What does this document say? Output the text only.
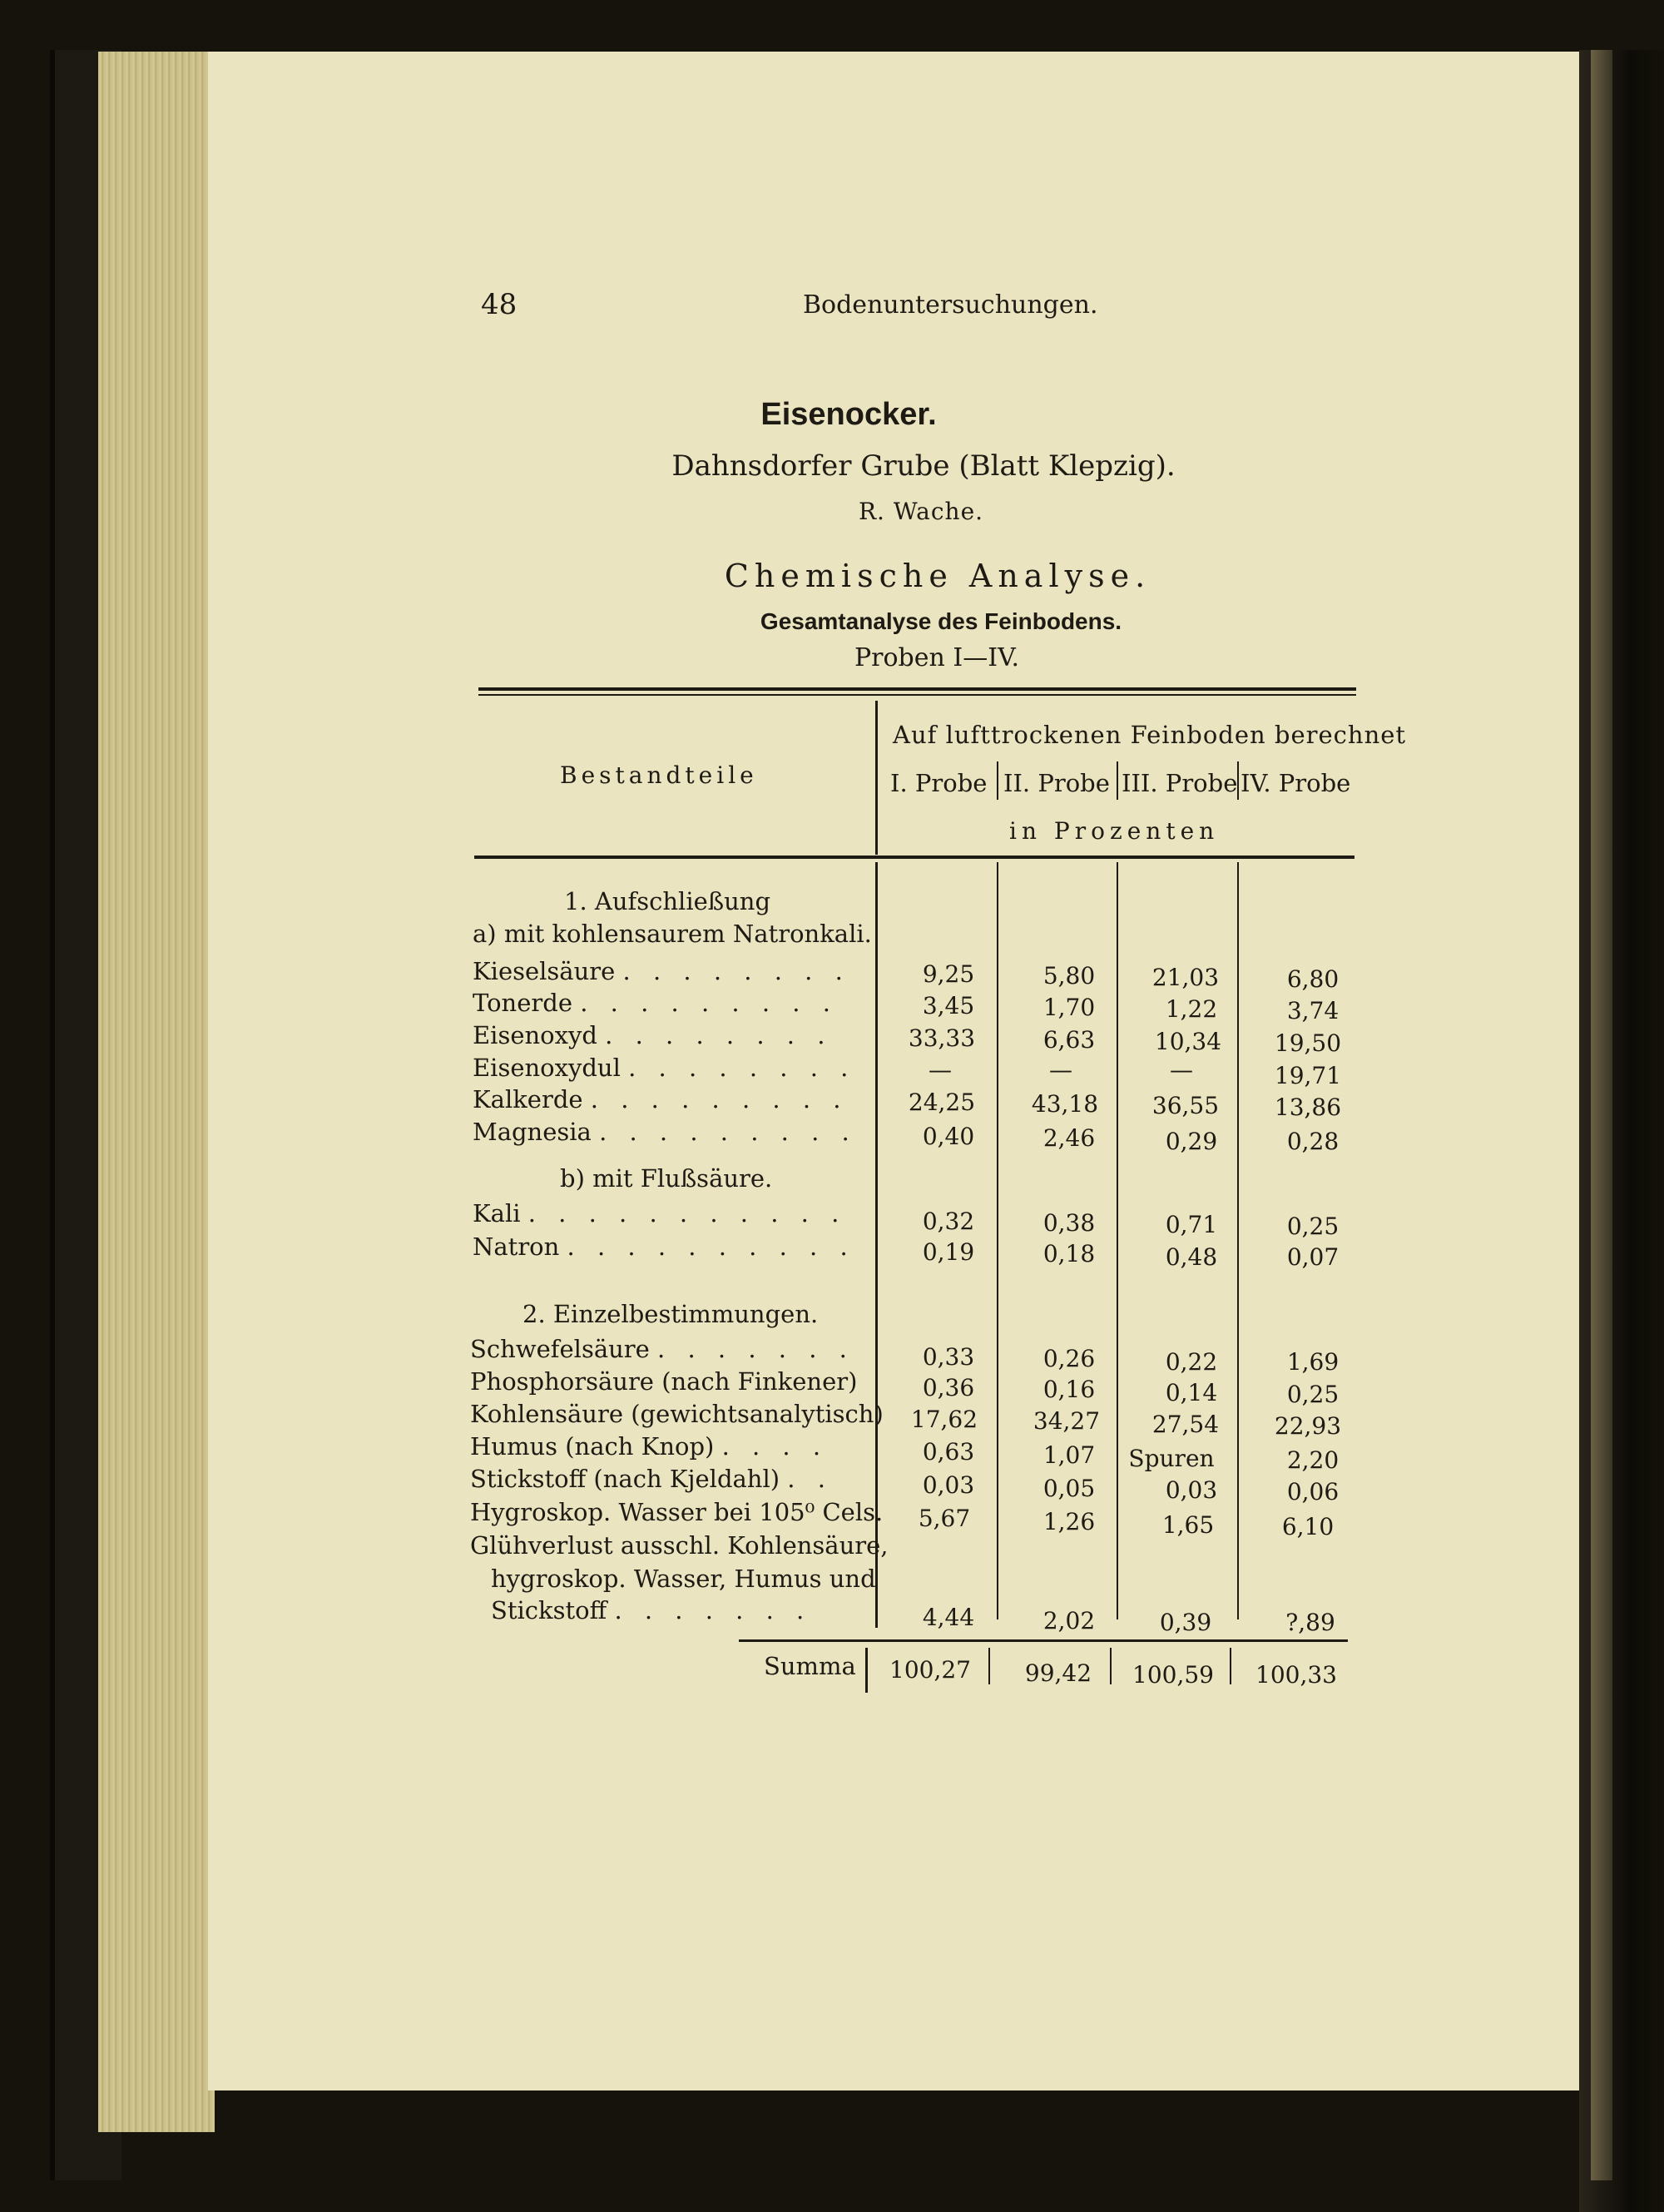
48	Bodenuntersuchungen.
Eisenocker.
Dahnsdorfer Grube (Blatt Klepzig).
R. Wache.
Chemische Analyse.
Gesamtanalyse des Feinbodens.
Proben I—IV.
Bestandteile
Auf lufttrockenen Feinboden berechnet
I. Probe II. Probe III. Probe IV. Probe
in Prozenten
1. Aufschließung
a) mit kohlensaurem Natronkali.
b) mit Flußsäure.
2. Einzelbestimmungen.
Kieselsäure . . . . . . . .	9,25	5,80	21,03	6,80
Tonerde . . . . . . . . .	3,45	1,70	1,22	3,74
Eisenoxyd . . . . . . . .	33,33	6,63	10,34	19,50
Eisenoxydul . . . . . . . .	—	—	—	19,71
Kalkerde . . . . . . . . .	24,25	43,18	36,55	13,86
Magnesia . . . . . . . . .	0,40	2,46	0,29	0,28
Kali . . . . . . . . . . .	0,32	0,38	0,71	0,25
Natron . . . . . . . . . .	0,19	0,18	0,48	0,07
Schwefelsäure . . . . . . .	0,33	0,26	0,22	1,69
Phosphorsäure (nach Finkener)	0,36	0,16	0,14	0,25
Kohlensäure (gewichtsanalytisch)	17,62	34,27	27,54	22,93
Humus (nach Knop) . . . .	0,63	1,07	Spuren	2,20
Stickstoff (nach Kjeldahl) . .	0,03	0,05	0,03	0,06
Hygroskop. Wasser bei 105⁰ Cels.	5,67	1,26	1,65	6,10
Glühverlust ausschl. Kohlensäure,
hygroskop. Wasser, Humus und
Stickstoff . . . . . . .	4,44	2,02	0,39	?,89
Summa	100,27	99,42	100,59	100,33
